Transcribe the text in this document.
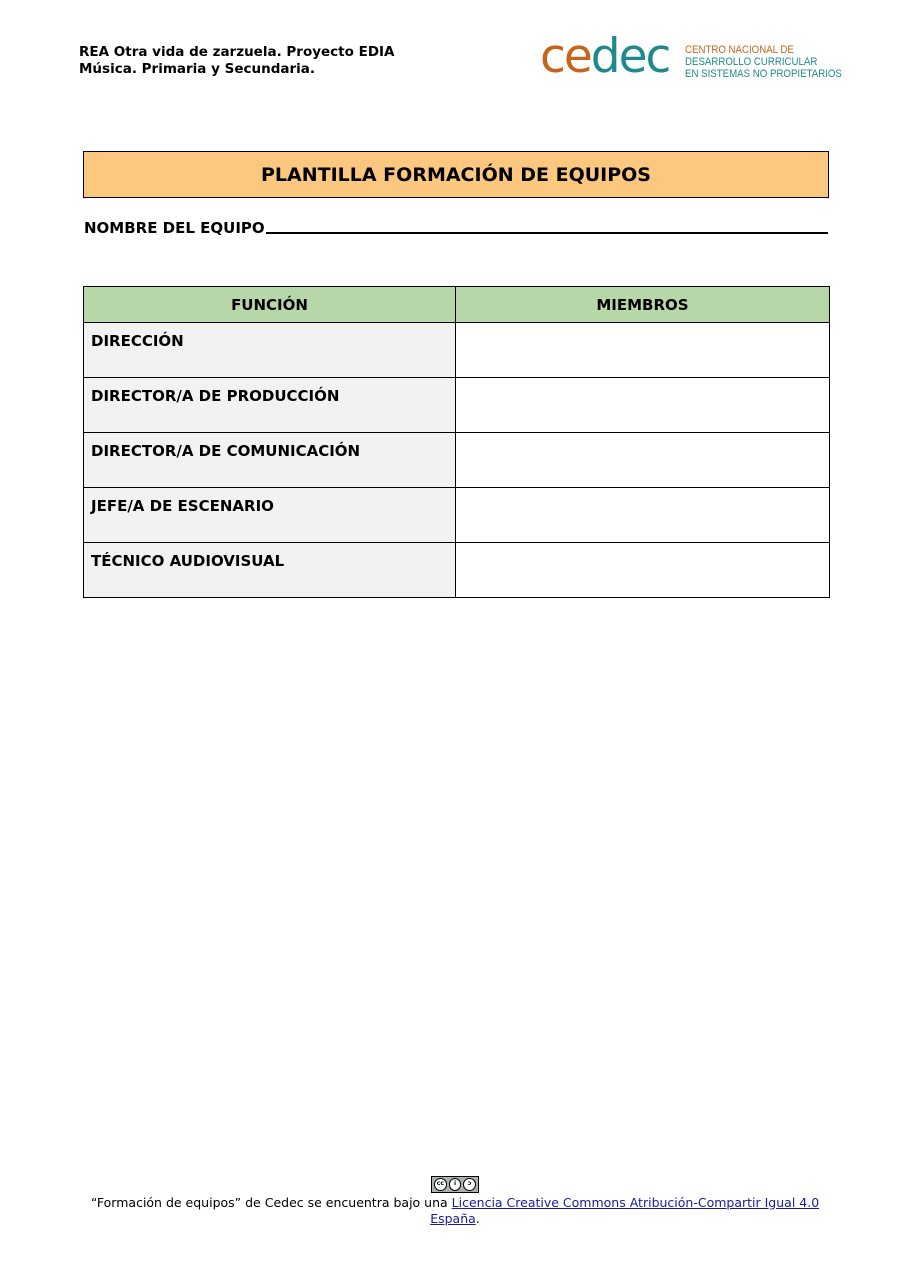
REA Otra vida de zarzuela. Proyecto EDIA
Música. Primaria y Secundaria.	cedec CENTRO NACIONAL DE
DESARROLLO CURRICULAR
EN SISTEMAS NO PROPIETARIOS
PLANTILLA FORMACIÓN DE EQUIPOS
NOMBRE DEL EQUIPO
FUNCIÓN	MIEMBROS
DIRECCIÓN	
DIRECTOR/A DE PRODUCCIÓN	
DIRECTOR/A DE COMUNICACIÓN	
JEFE/A DE ESCENARIO	
TÉCNICO AUDIOVISUAL	
cc	i	ↄ
“Formación de equipos” de Cedec se encuentra bajo una Licencia Creative Commons Atribución-Compartir Igual 4.0 España.
